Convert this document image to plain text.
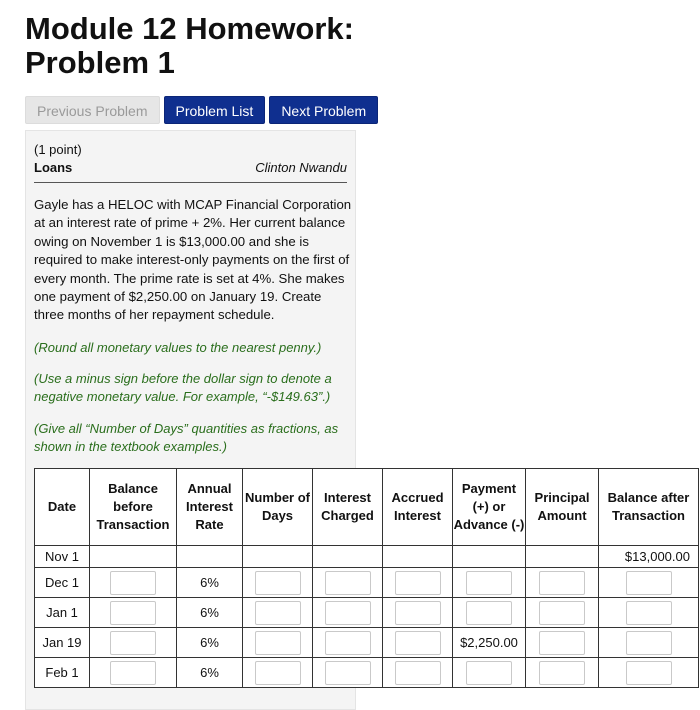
Module 12 Homework:
Problem 1
Previous Problem	Problem List	Next Problem
(1 point)
Loans	Clinton Nwandu

Gayle has a HELOC with MCAP Financial Corporation at an interest rate of prime + 2%. Her current balance owing on November 1 is $13,000.00 and she is required to make interest-only payments on the first of every month. The prime rate is set at 4%. She makes one payment of $2,250.00 on January 19. Create three months of her repayment schedule.

(Round all monetary values to the nearest penny.)

(Use a minus sign before the dollar sign to denote a negative monetary value. For example, “-$149.63”.)

(Give all “Number of Days” quantities as fractions, as shown in the textbook examples.)

Date	Balance before Transaction	Annual Interest Rate	Number of Days	Interest Charged	Accrued Interest	Payment (+) or Advance (-)	Principal Amount	Balance after Transaction
Nov 1								$13,000.00
Dec 1		6%						
Jan 1		6%						
Jan 19		6%				$2,250.00		
Feb 1		6%						
